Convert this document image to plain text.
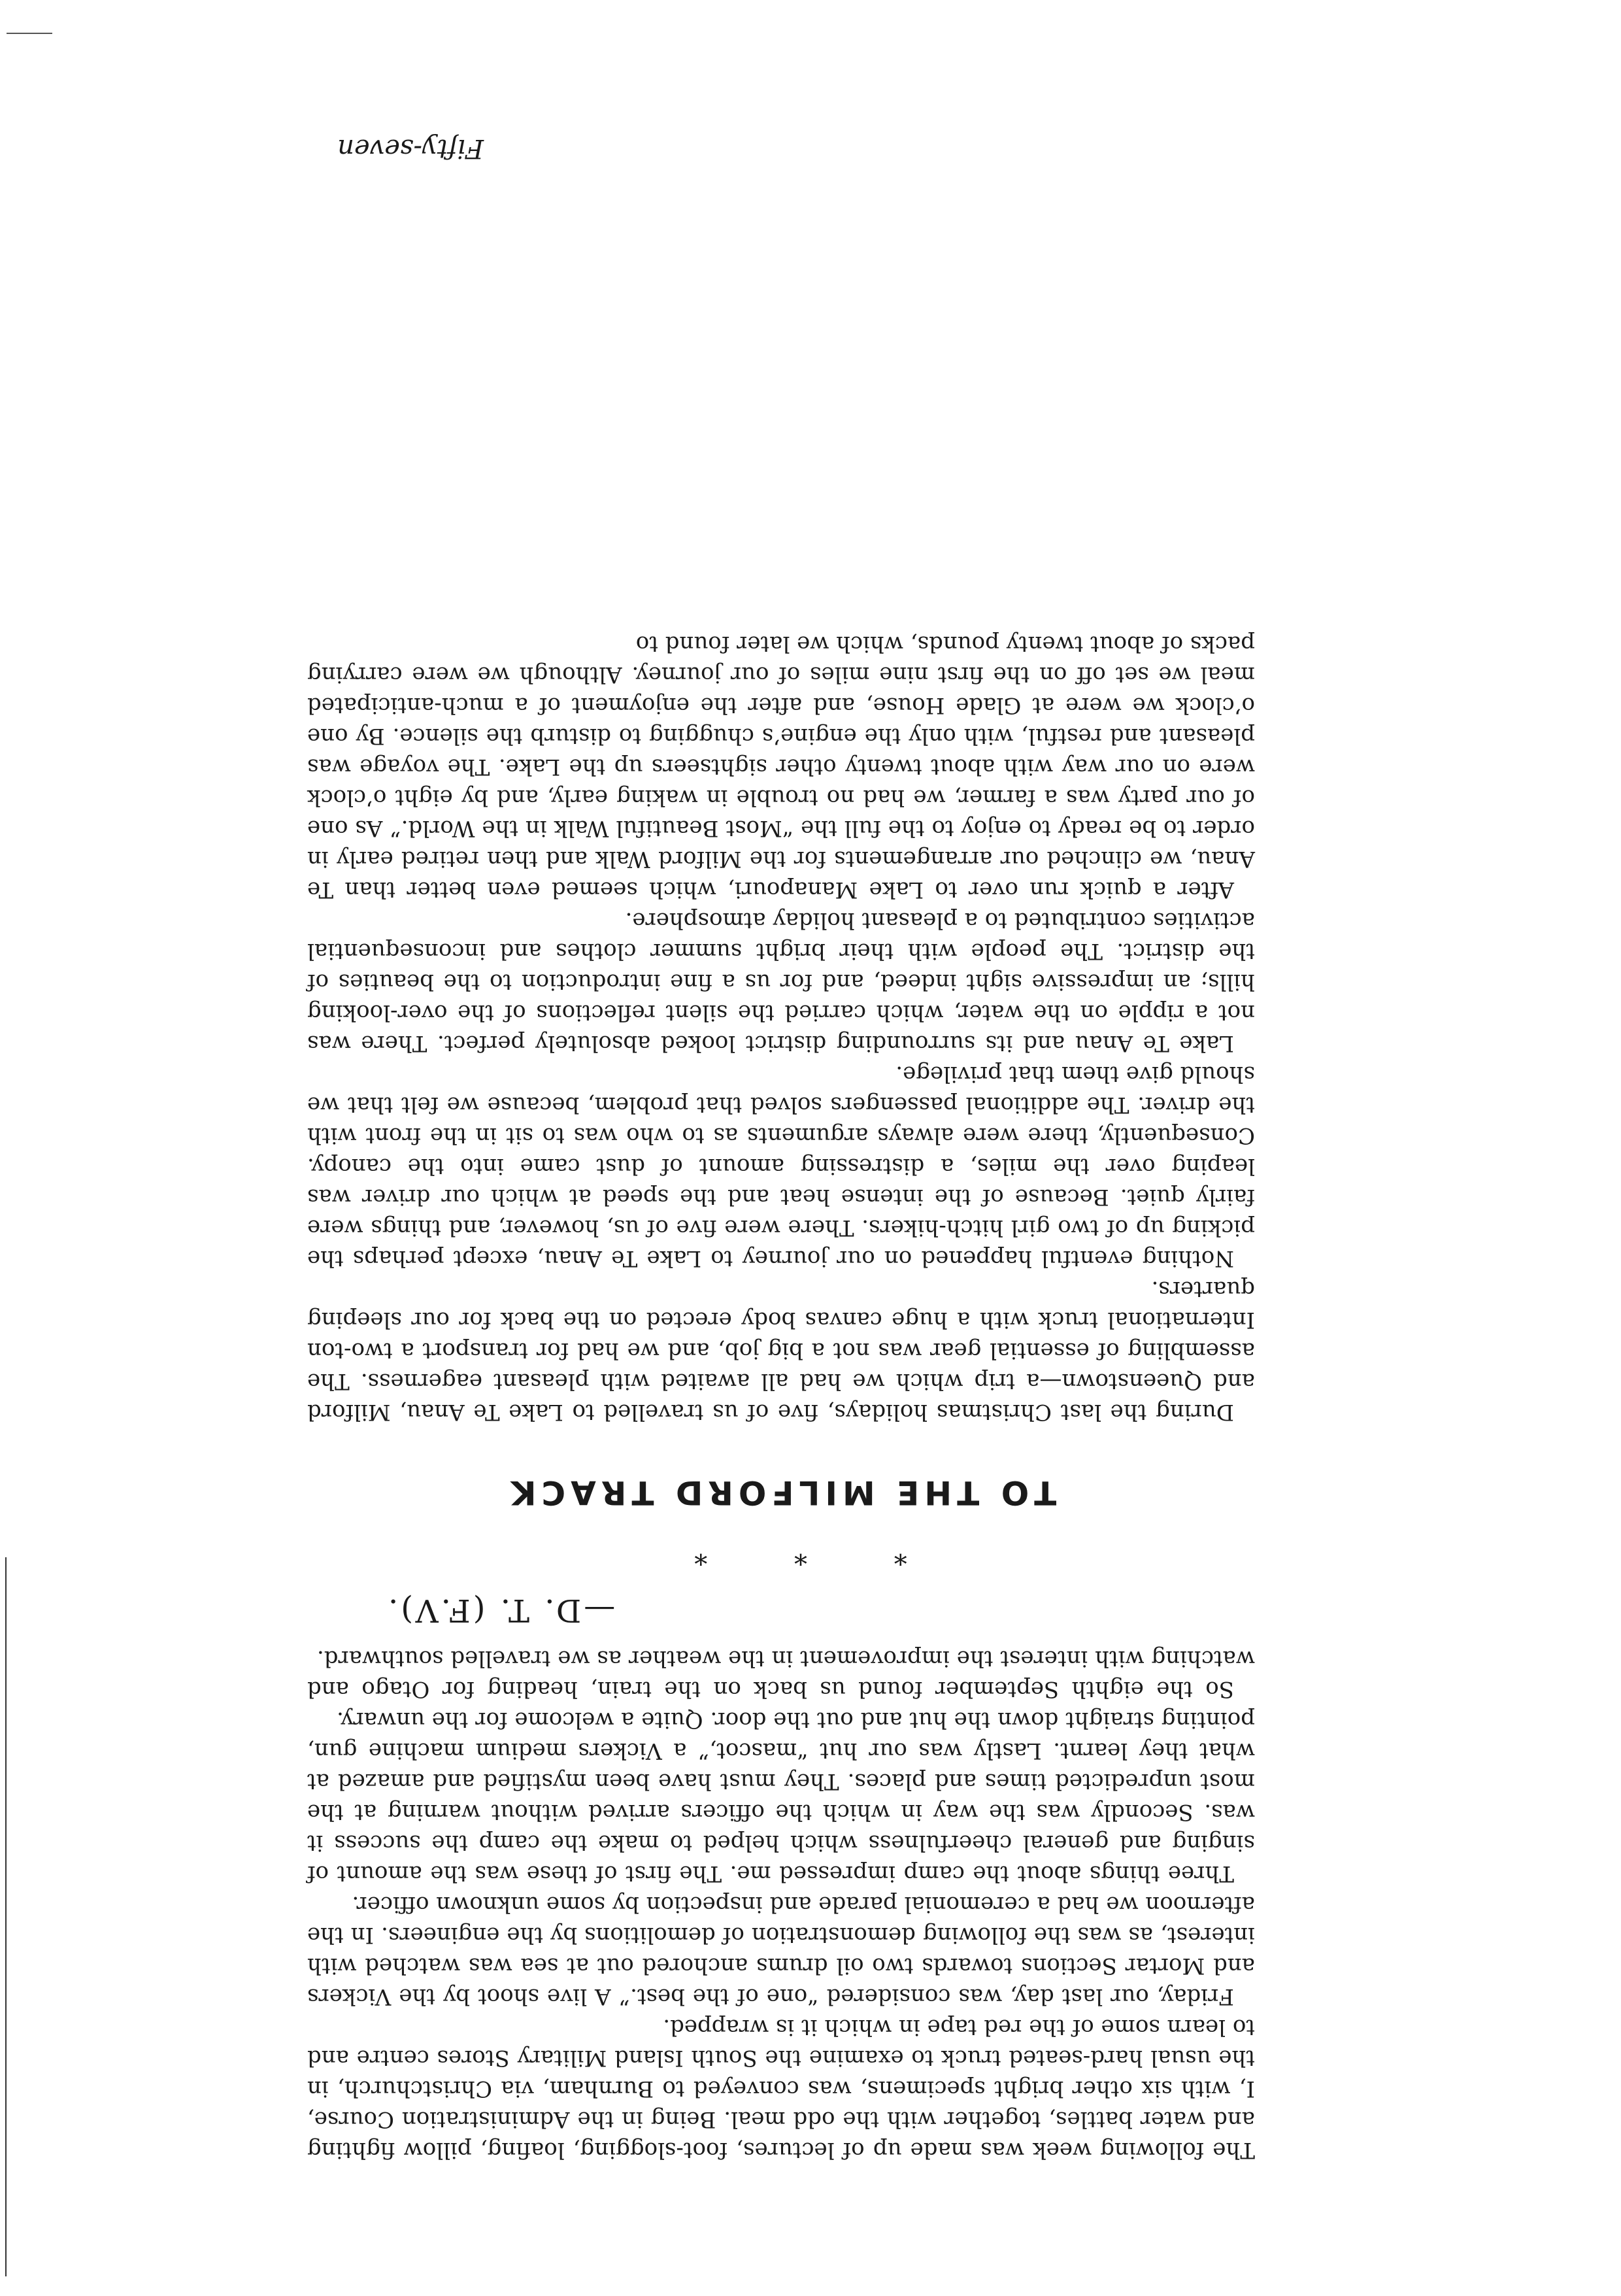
The following week was made up of lectures, foot-slogging, loafing, pillow fighting and water battles, together with the odd meal. Being in the Administration Course, I, with six other bright specimens, was conveyed to Burnham, via Christchurch, in the usual hard-seated truck to examine the South Island Military Stores centre and to learn some of the red tape in which it is wrapped.

Friday, our last day, was considered “one of the best.” A live shoot by the Vickers and Mortar Sections towards two oil drums anchored out at sea was watched with interest, as was the following demonstration of demolitions by the engineers. In the afternoon we had a ceremonial parade and inspection by some unknown officer.

Three things about the camp impressed me. The first of these was the amount of singing and general cheerfulness which helped to make the camp the success it was. Secondly was the way in which the officers arrived without warning at the most unpredicted times and places. They must have been mystified and amazed at what they learnt. Lastly was our hut “mascot,” a Vickers medium machine gun, pointing straight down the hut and out the door. Quite a welcome for the unwary.

So the eighth September found us back on the train, heading for Otago and watching with interest the improvement in the weather as we travelled southward.

—D. T. (F.V).
* * *
TO THE MILFORD TRACK

During the last Christmas holidays, five of us travelled to Lake Te Anau, Milford and Queenstown—a trip which we had all awaited with pleasant eagerness. The assembling of essential gear was not a big job, and we had for transport a two-ton International truck with a huge canvas body erected on the back for our sleeping quarters.

Nothing eventful happened on our journey to Lake Te Anau, except perhaps the picking up of two girl hitch-hikers. There were five of us, however, and things were fairly quiet. Because of the intense heat and the speed at which our driver was leaping over the miles, a distressing amount of dust came into the canopy. Consequently, there were always arguments as to who was to sit in the front with the driver. The additional passengers solved that problem, because we felt that we should give them that privilege.

Lake Te Anau and its surrounding district looked absolutely perfect. There was not a ripple on the water, which carried the silent reflections of the over-looking hills; an impressive sight indeed, and for us a fine introduction to the beauties of the district. The people with their bright summer clothes and inconsequential activities contributed to a pleasant holiday atmosphere.

After a quick run over to Lake Manapouri, which seemed even better than Te Anau, we clinched our arrangements for the Milford Walk and then retired early in order to be ready to enjoy to the full the “Most Beautiful Walk in the World.” As one of our party was a farmer, we had no trouble in waking early, and by eight o’clock were on our way with about twenty other sightseers up the Lake. The voyage was pleasant and restful, with only the engine’s chugging to disturb the silence. By one o’clock we were at Glade House, and after the enjoyment of a much-anticipated meal we set off on the first nine miles of our journey. Although we were carrying packs of about twenty pounds, which we later found to

Fifty-seven
